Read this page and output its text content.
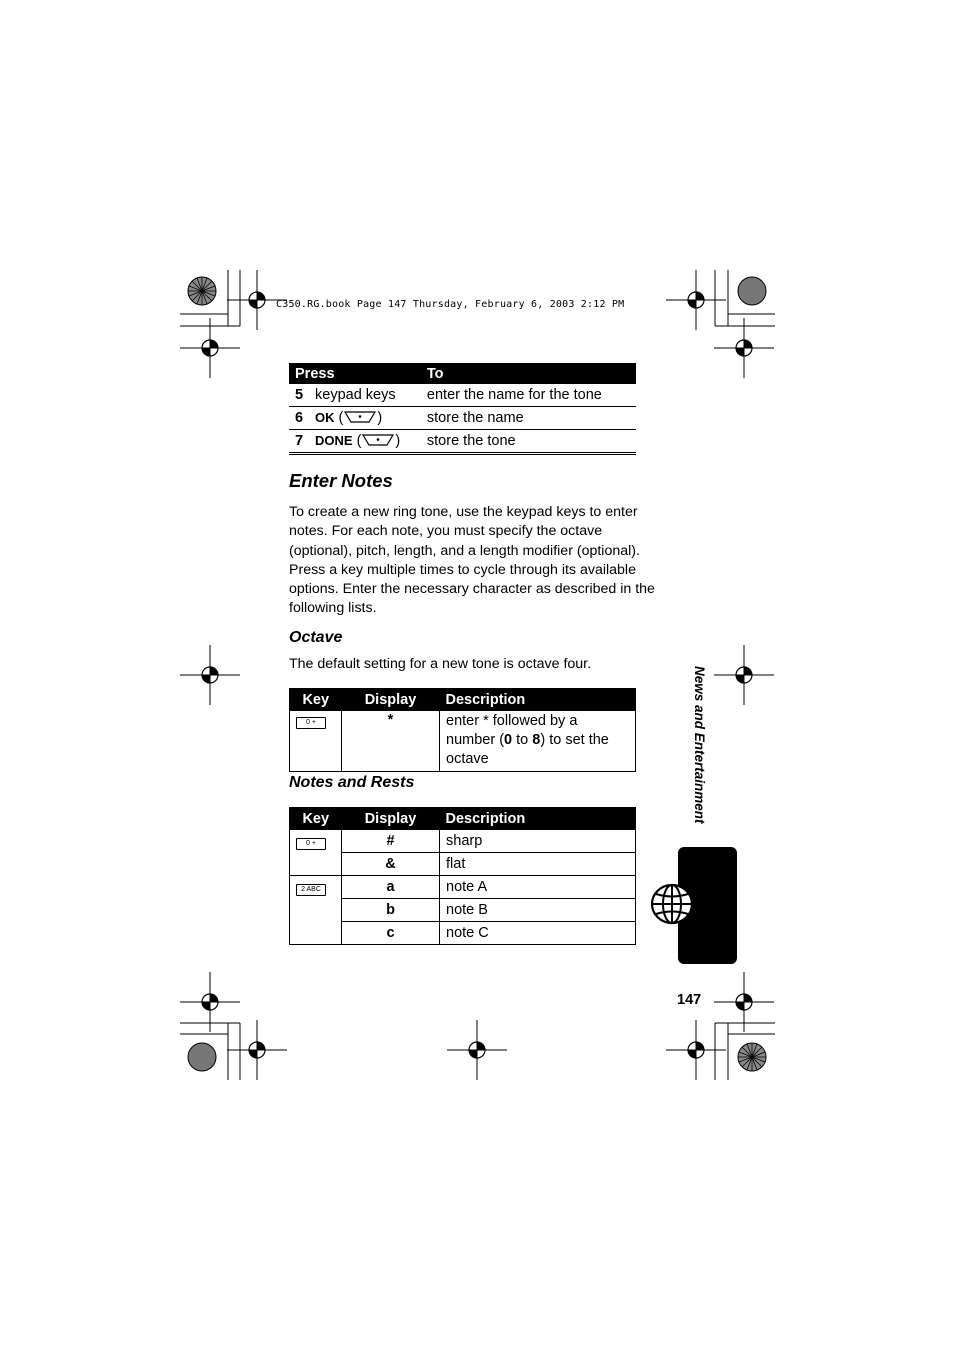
C350.RG.book Page 147 Thursday, February 6, 2003 2:12 PM
Press		To
5	keypad keys	enter the name for the tone
6	OK ( )	store the name
7	DONE ( )	store the tone
Enter Notes

To create a new ring tone, use the keypad keys to enter notes. For each note, you must specify the octave (optional), pitch, length, and a length modifier (optional). Press a key multiple times to cycle through its available options. Enter the necessary character as described in the following lists.

Octave

The default setting for a new tone is octave four.

Key	Display	Description
0 +	*	enter * followed by a number (0 to 8) to set the octave
Notes and Rests
Key	Display	Description
0 +	#	sharp
	&	flat
2 ABC	a	note A
	b	note B
	c	note C
News and Entertainment
147
